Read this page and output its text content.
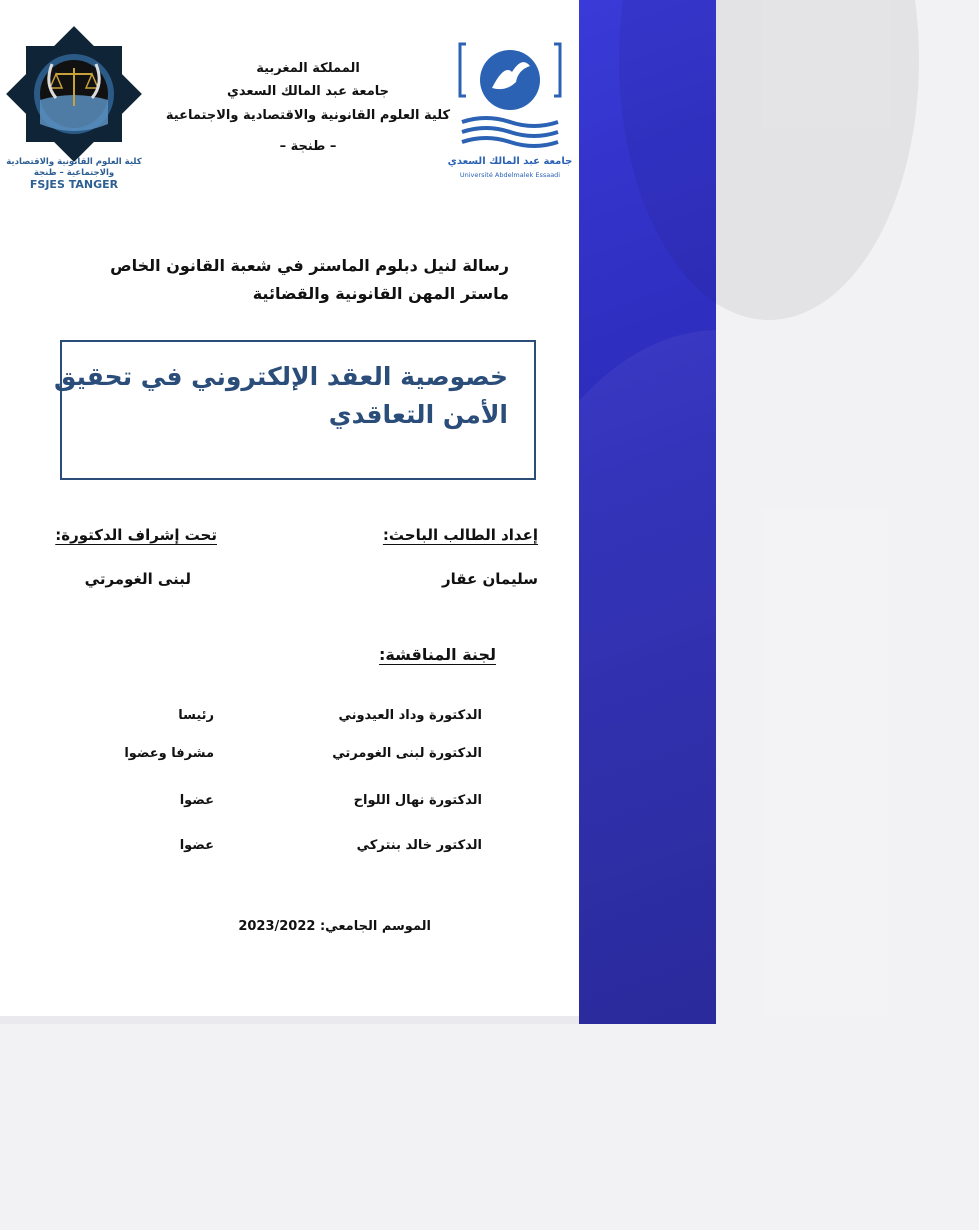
كلية العلوم القانونية والاقتصادية
والاجتماعية – طنجة
FSJES TANGER
جامعة عبد المالك السعدي
Université Abdelmalek Essaadi
المملكة المغربية
جامعة عبد المالك السعدي
كلية العلوم القانونية والاقتصادية والاجتماعية
– طنجة –
رسالة لنيل دبلوم الماستر في شعبة القانون الخاص
ماستر المهن القانونية والقضائية
خصوصية العقد الإلكتروني في تحقيق
الأمن التعاقدي
إعداد الطالب الباحث:
سليمان عقار
تحت إشراف الدكتورة:
لبنى الغومرتي
لجنة المناقشة:
الدكتورة وداد العيدوني
رئيسا
الدكتورة لبنى الغومرتي
مشرفا وعضوا
الدكتورة نهال اللواح
عضوا
الدكتور خالد بنتركي
عضوا
الموسم الجامعي: 2023/2022
